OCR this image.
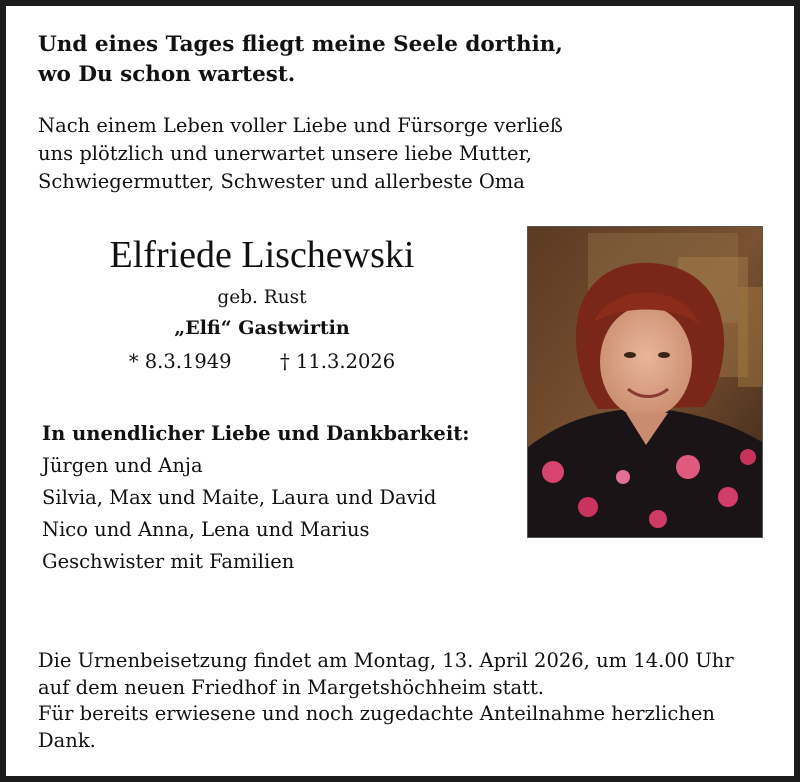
Und eines Tages fliegt meine Seele dorthin,
wo Du schon wartest.
Nach einem Leben voller Liebe und Fürsorge verließ
uns plötzlich und unerwartet unsere liebe Mutter,
Schwiegermutter, Schwester und allerbeste Oma
Elfriede Lischewski
geb. Rust
„Elfi“ Gastwirtin
* 8.3.1949 † 11.3.2026
In unendlicher Liebe und Dankbarkeit:
Jürgen und Anja
Silvia, Max und Maite, Laura und David
Nico und Anna, Lena und Marius
Geschwister mit Familien
Die Urnenbeisetzung findet am Montag, 13. April 2026, um 14.00 Uhr
auf dem neuen Friedhof in Margetshöchheim statt.
Für bereits erwiesene und noch zugedachte Anteilnahme herzlichen
Dank.
